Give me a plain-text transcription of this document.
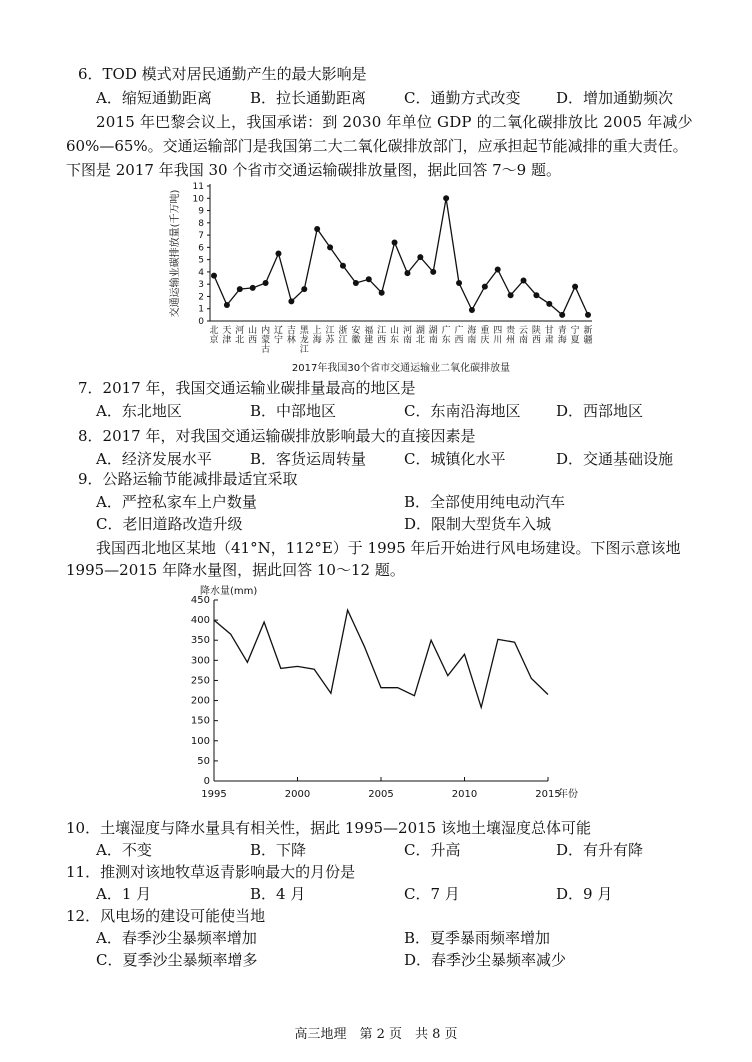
6．TOD 模式对居民通勤产生的最大影响是
A．缩短通勤距离	B．拉长通勤距离	C．通勤方式改变 D．增加通勤频次
2015 年巴黎会议上，我国承诺：到 2030 年单位 GDP 的二氧化碳排放比 2005 年减少
60%—65%。交通运输部门是我国第二大二氧化碳排放部门，应承担起节能减排的重大责任。
下图是 2017 年我国 30 个省市交通运输碳排放量图，据此回答 7～9 题。
0
1
2
3
4
5
6
7
8
9
10
11
交通运输业碳排放量(千万吨)
北
京
天
津
河
北
山
西
内
蒙
古
辽
宁
吉
林
黑
龙
江
上
海
江
苏
浙
江
安
徽
福
建
江
西
山
东
河
南
湖
北
湖
南
广
东
广
西
海
南
重
庆
四
川
贵
州
云
南
陕
西
甘
肃
青
海
宁
夏
新
疆
2017年我国30个省市交通运输业二氧化碳排放量
7．2017 年，我国交通运输业碳排量最高的地区是
A．东北地区	B．中部地区	C．东南沿海地区 D．西部地区
8．2017 年，对我国交通运输碳排放影响最大的直接因素是
A．经济发展水平	B．客货运周转量	C．城镇化水平	D．交通基础设施
9．公路运输节能减排最适宜采取
A．严控私家车上户数量	B．全部使用纯电动汽车
C．老旧道路改造升级	D．限制大型货车入城
我国西北地区某地（41°N，112°E）于 1995 年后开始进行风电场建设。下图示意该地
1995—2015 年降水量图，据此回答 10～12 题。
0
50
100
150
200
250
300
350
400
450
1995	2000	2005	2010	2015
降水量(mm)
年份
10．土壤湿度与降水量具有相关性，据此 1995—2015 该地土壤湿度总体可能
A．不变	B．下降	C．升高	D．有升有降
11．推测对该地牧草返青影响最大的月份是
A．1 月	B．4 月	C．7 月	D．9 月
12．风电场的建设可能使当地
A．春季沙尘暴频率增加	B．夏季暴雨频率增加
C．夏季沙尘暴频率增多	D．春季沙尘暴频率减少
高三地理　第 2 页　共 8 页
